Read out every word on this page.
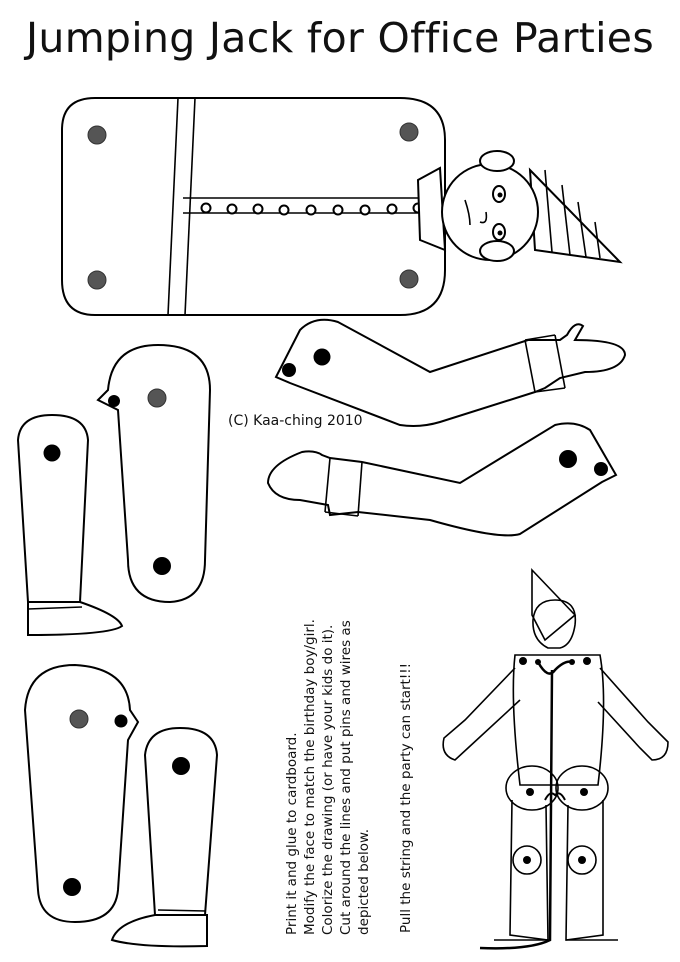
Jumping Jack for Office Parties
(C) Kaa-ching 2010
Print it and glue to cardboard. Modify the face to match the birthday boy/girl. Colorize the drawing (or have your kids do it). Cut around the lines and put pins and wires as depicted below. Pull the string and the party can start!!!
